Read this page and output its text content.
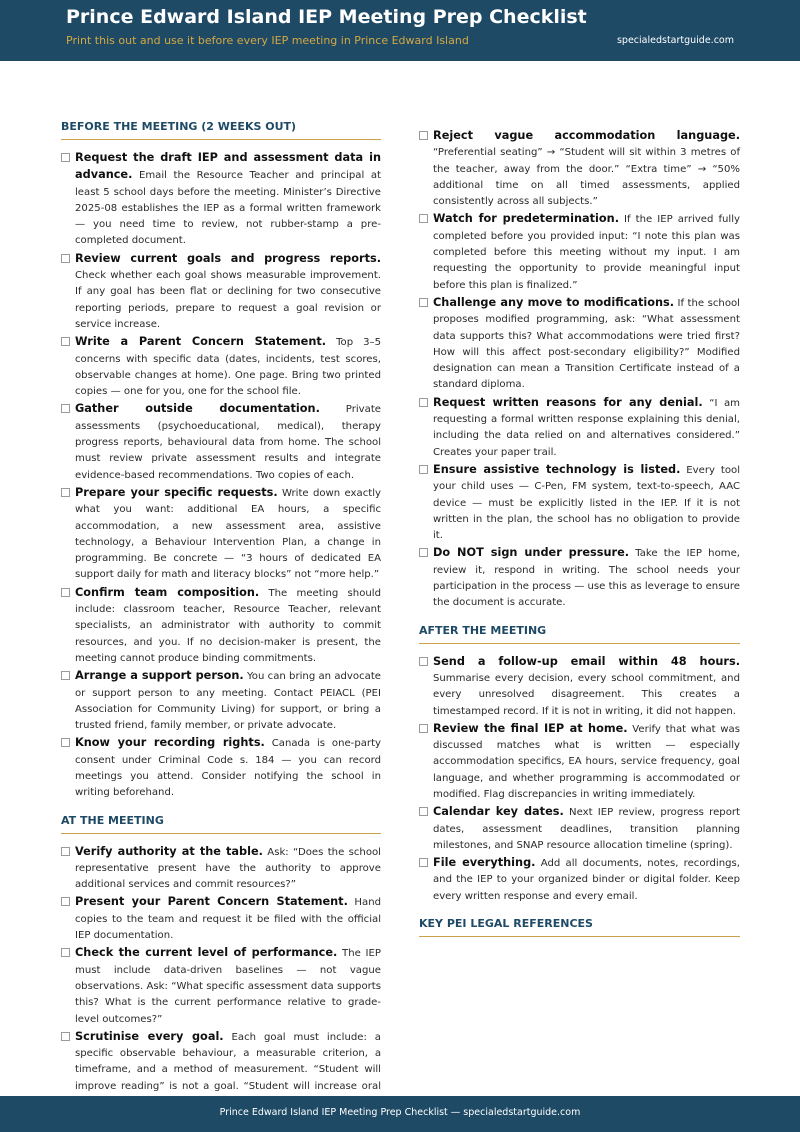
Prince Edward Island IEP Meeting Prep Checklist
Print this out and use it before every IEP meeting in Prince Edward Island	specialedstartguide.com
BEFORE THE MEETING (2 WEEKS OUT)
Request the draft IEP and assessment data in advance. Email the Resource Teacher and principal at least 5 school days before the meeting. Minister’s Directive 2025-08 establishes the IEP as a formal written framework — you need time to review, not rubber-stamp a pre-completed document.
Review current goals and progress reports. Check whether each goal shows measurable improvement. If any goal has been flat or declining for two consecutive reporting periods, prepare to request a goal revision or service increase.
Write a Parent Concern Statement. Top 3–5 concerns with specific data (dates, incidents, test scores, observable changes at home). One page. Bring two printed copies — one for you, one for the school file.
Gather outside documentation. Private assessments (psychoeducational, medical), therapy progress reports, behavioural data from home. The school must review private assessment results and integrate evidence-based recommendations. Two copies of each.
Prepare your specific requests. Write down exactly what you want: additional EA hours, a specific accommodation, a new assessment area, assistive technology, a Behaviour Intervention Plan, a change in programming. Be concrete — “3 hours of dedicated EA support daily for math and literacy blocks” not “more help.”
Confirm team composition. The meeting should include: classroom teacher, Resource Teacher, relevant specialists, an administrator with authority to commit resources, and you. If no decision-maker is present, the meeting cannot produce binding commitments.
Arrange a support person. You can bring an advocate or support person to any meeting. Contact PEIACL (PEI Association for Community Living) for support, or bring a trusted friend, family member, or private advocate.
Know your recording rights. Canada is one-party consent under Criminal Code s. 184 — you can record meetings you attend. Consider notifying the school in writing beforehand.
AT THE MEETING
Verify authority at the table. Ask: “Does the school representative present have the authority to approve additional services and commit resources?”
Present your Parent Concern Statement. Hand copies to the team and request it be filed with the official IEP documentation.
Check the current level of performance. The IEP must include data-driven baselines — not vague observations. Ask: “What specific assessment data supports this? What is the current performance relative to grade-level outcomes?”
Scrutinise every goal. Each goal must include: a specific observable behaviour, a measurable criterion, a timeframe, and a method of measurement. “Student will improve reading” is not a goal. “Student will increase oral
Reject vague accommodation language. “Preferential seating” → “Student will sit within 3 metres of the teacher, away from the door.” “Extra time” → “50% additional time on all timed assessments, applied consistently across all subjects.”
Watch for predetermination. If the IEP arrived fully completed before you provided input: “I note this plan was completed before this meeting without my input. I am requesting the opportunity to provide meaningful input before this plan is finalized.”
Challenge any move to modifications. If the school proposes modified programming, ask: “What assessment data supports this? What accommodations were tried first? How will this affect post-secondary eligibility?” Modified designation can mean a Transition Certificate instead of a standard diploma.
Request written reasons for any denial. “I am requesting a formal written response explaining this denial, including the data relied on and alternatives considered.” Creates your paper trail.
Ensure assistive technology is listed. Every tool your child uses — C-Pen, FM system, text-to-speech, AAC device — must be explicitly listed in the IEP. If it is not written in the plan, the school has no obligation to provide it.
Do NOT sign under pressure. Take the IEP home, review it, respond in writing. The school needs your participation in the process — use this as leverage to ensure the document is accurate.
AFTER THE MEETING
Send a follow-up email within 48 hours. Summarise every decision, every school commitment, and every unresolved disagreement. This creates a timestamped record. If it is not in writing, it did not happen.
Review the final IEP at home. Verify that what was discussed matches what is written — especially accommodation specifics, EA hours, service frequency, goal language, and whether programming is accommodated or modified. Flag discrepancies in writing immediately.
Calendar key dates. Next IEP review, progress report dates, assessment deadlines, transition planning milestones, and SNAP resource allocation timeline (spring).
File everything. Add all documents, notes, recordings, and the IEP to your organized binder or digital folder. Keep every written response and every email.
KEY PEI LEGAL REFERENCES
Prince Edward Island IEP Meeting Prep Checklist — specialedstartguide.com
